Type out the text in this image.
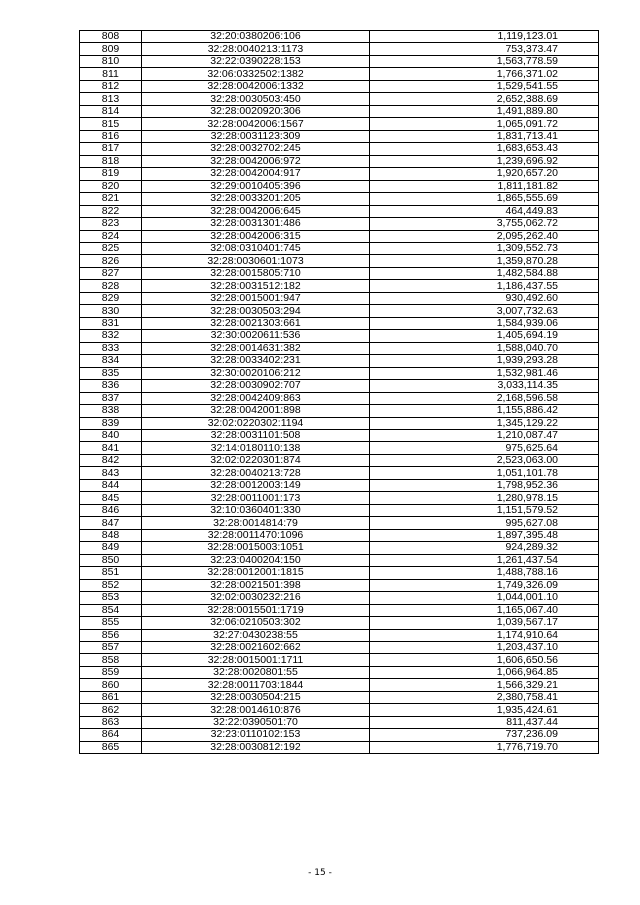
808	32:20:0380206:106	1,119,123.01
809	32:28:0040213:1173	753,373.47
810	32:22:0390228:153	1,563,778.59
811	32:06:0332502:1382	1,766,371.02
812	32:28:0042006:1332	1,529,541.55
813	32:28:0030503:450	2,652,388.69
814	32:28:0020920:306	1,491,889.80
815	32:28:0042006:1567	1,065,091.72
816	32:28:0031123:309	1,831,713.41
817	32:28:0032702:245	1,683,653.43
818	32:28:0042006:972	1,239,696.92
819	32:28:0042004:917	1,920,657.20
820	32:29:0010405:396	1,811,181.82
821	32:28:0033201:205	1,865,555.69
822	32:28:0042006:645	464,449.83
823	32:28:0031301:486	3,755,062.72
824	32:28:0042006:315	2,095,262.40
825	32:08:0310401:745	1,309,552.73
826	32:28:0030601:1073	1,359,870.28
827	32:28:0015805:710	1,482,584.88
828	32:28:0031512:182	1,186,437.55
829	32:28:0015001:947	930,492.60
830	32:28:0030503:294	3,007,732.63
831	32:28:0021303:661	1,584,939.06
832	32:30:0020611:536	1,405,694.19
833	32:28:0014631:382	1,588,040.70
834	32:28:0033402:231	1,939,293.28
835	32:30:0020106:212	1,532,981.46
836	32:28:0030902:707	3,033,114.35
837	32:28:0042409:863	2,168,596.58
838	32:28:0042001:898	1,155,886.42
839	32:02:0220302:1194	1,345,129.22
840	32:28:0031101:508	1,210,087.47
841	32:14:0180110:138	975,625.64
842	32:02:0220301:874	2,523,063.00
843	32:28:0040213:728	1,051,101.78
844	32:28:0012003:149	1,798,952.36
845	32:28:0011001:173	1,280,978.15
846	32:10:0360401:330	1,151,579.52
847	32:28:0014814:79	995,627.08
848	32:28:0011470:1096	1,897,395.48
849	32:28:0015003:1051	924,289.32
850	32:23:0400204:150	1,261,437.54
851	32:28:0012001:1815	1,488,788.16
852	32:28:0021501:398	1,749,326.09
853	32:02:0030232:216	1,044,001.10
854	32:28:0015501:1719	1,165,067.40
855	32:06:0210503:302	1,039,567.17
856	32:27:0430238:55	1,174,910.64
857	32:28:0021602:662	1,203,437.10
858	32:28:0015001:1711	1,606,650.56
859	32:28:0020801:55	1,066,964.85
860	32:28:0011703:1844	1,566,329.21
861	32:28:0030504:215	2,380,758.41
862	32:28:0014610:876	1,935,424.61
863	32:22:0390501:70	811,437.44
864	32:23:0110102:153	737,236.09
865	32:28:0030812:192	1,776,719.70
- 15 -
